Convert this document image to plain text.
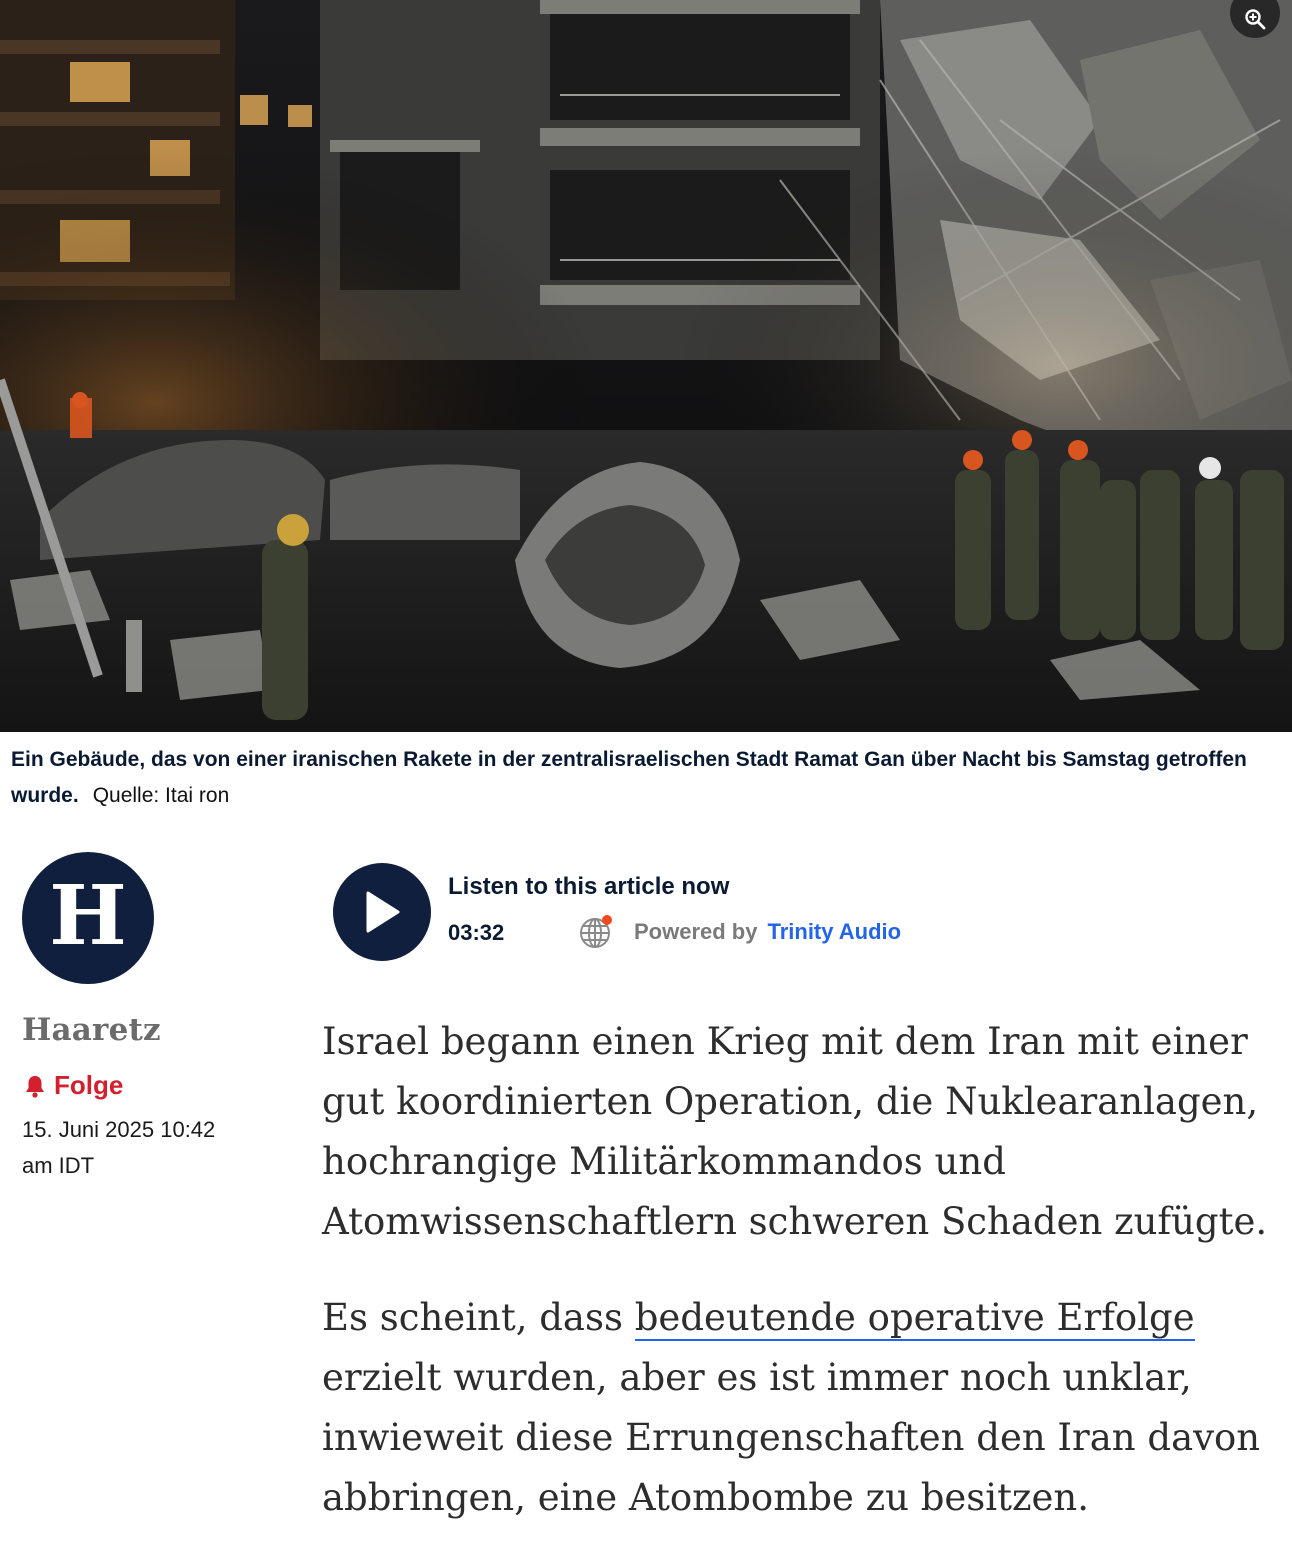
Ein Gebäude, das von einer iranischen Rakete in der zentralisraelischen Stadt Ramat Gan über Nacht bis Samstag getroffen wurde. Quelle: Itai ron
H
Haaretz
Folge
15. Juni 2025 10:42
am IDT
Listen to this article now
03:32	Powered by Trinity Audio

Israel begann einen Krieg mit dem Iran mit einer gut koordinierten Operation, die Nuklearanlagen, hochrangige Militärkommandos und Atomwissenschaftlern schweren Schaden zufügte.

Es scheint, dass bedeutende operative Erfolge erzielt wurden, aber es ist immer noch unklar, inwieweit diese Errungenschaften den Iran davon abbringen, eine Atombombe zu besitzen.
